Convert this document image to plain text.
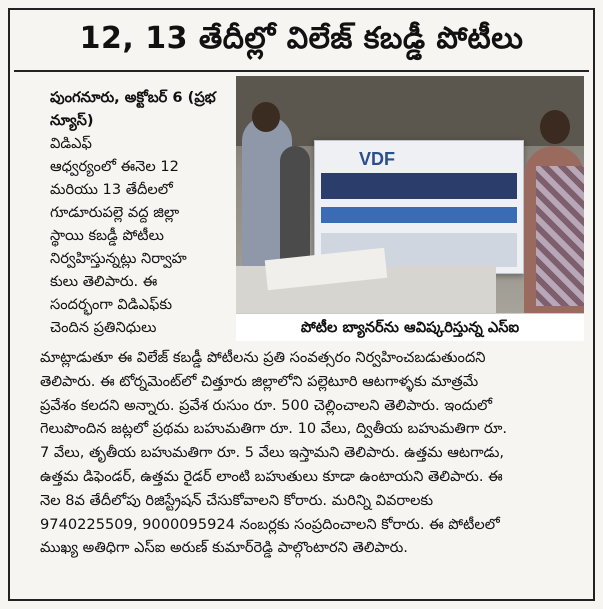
12, 13 తేదీల్లో విలేజ్ కబడ్డీ పోటీలు
పుంగనూరు, అక్టోబర్ 6 (ప్రభ న్యూస్)
విడిఎఫ్
ఆధ్వర్యంలో ఈనెల 12
మరియు 13 తేదీలలో
గూడూరుపల్లె వద్ద జిల్లా
స్థాయి కబడ్డీ పోటీలు
నిర్వహిస్తున్నట్లు నిర్వాహ
కులు తెలిపారు. ఈ
సందర్భంగా విడిఎఫ్‌కు
చెందిన ప్రతినిధులు
VDF
పోటీల బ్యానర్‌ను ఆవిష్కరిస్తున్న ఎస్ఐ
మాట్లాడుతూ ఈ విలేజ్ కబడ్డీ పోటీలను ప్రతి సంవత్సరం నిర్వహించబడుతుందని
తెలిపారు. ఈ టోర్నమెంట్‌లో చిత్తూరు జిల్లాలోని పల్లెటూరి ఆటగాళ్ళకు మాత్రమే
ప్రవేశం కలదని అన్నారు. ప్రవేశ రుసుం రూ. 500 చెల్లించాలని తెలిపారు. ఇందులో
గెలుపొందిన జట్లలో ప్రథమ బహుమతిగా రూ. 10 వేలు, ద్వితీయ బహుమతిగా రూ.
7 వేలు, తృతీయ బహుమతిగా రూ. 5 వేలు ఇస్తామని తెలిపారు. ఉత్తమ ఆటగాడు,
ఉత్తమ డిఫెండర్, ఉత్తమ రైడర్ లాంటి బహుతులు కూడా ఉంటాయని తెలిపారు. ఈ
నెల 8వ తేదీలోపు రిజిస్ట్రేషన్ చేసుకోవాలని కోరారు. మరిన్ని వివరాలకు
9740225509, 9000095924 నంబర్లకు సంప్రదించాలని కోరారు. ఈ పోటీలలో
ముఖ్య అతిధిగా ఎస్ఐ అరుణ్ కుమార్‌రెడ్డి పాల్గొంటారని తెలిపారు.
